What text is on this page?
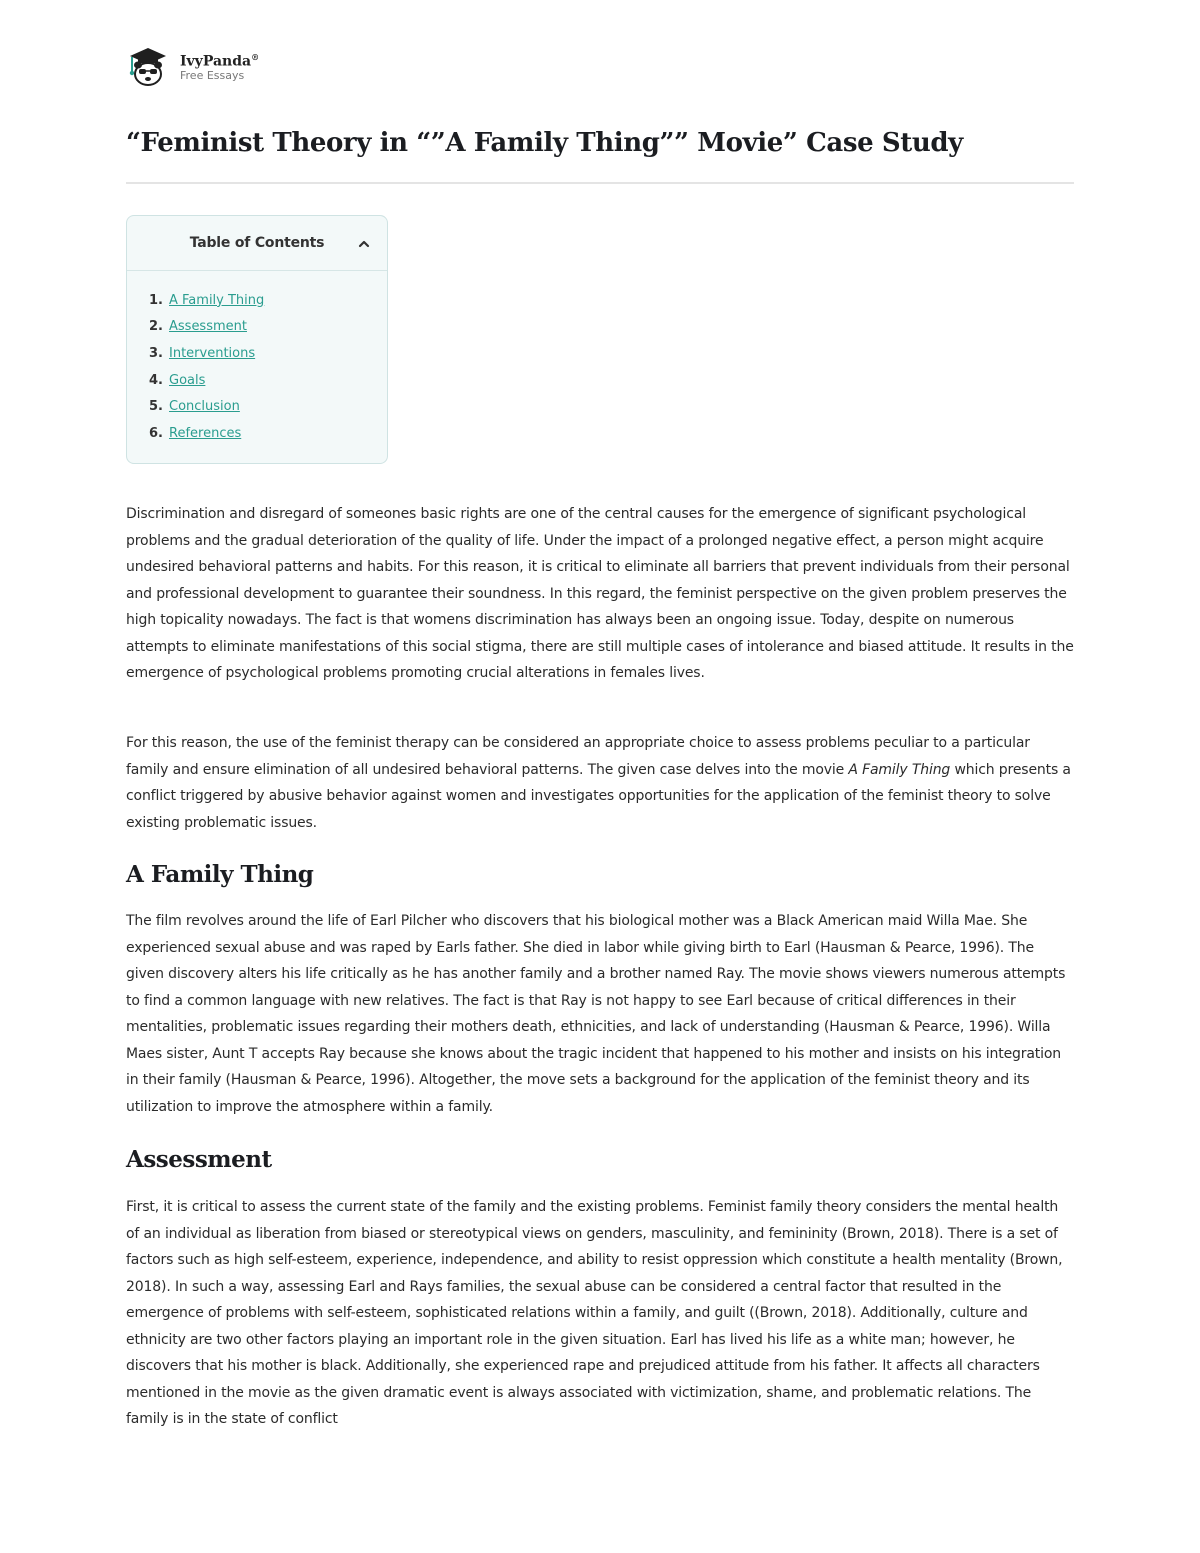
IvyPanda®
Free Essays
“Feminist Theory in “”A Family Thing”” Movie” Case Study
Table of Contents
1. A Family Thing
2. Assessment
3. Interventions
4. Goals
5. Conclusion
6. References

Discrimination and disregard of someones basic rights are one of the central causes for the emergence of significant psychological problems and the gradual deterioration of the quality of life. Under the impact of a prolonged negative effect, a person might acquire undesired behavioral patterns and habits. For this reason, it is critical to eliminate all barriers that prevent individuals from their personal and professional development to guarantee their soundness. In this regard, the feminist perspective on the given problem preserves the high topicality nowadays. The fact is that womens discrimination has always been an ongoing issue. Today, despite on numerous attempts to eliminate manifestations of this social stigma, there are still multiple cases of intolerance and biased attitude. It results in the emergence of psychological problems promoting crucial alterations in females lives.

For this reason, the use of the feminist therapy can be considered an appropriate choice to assess problems peculiar to a particular family and ensure elimination of all undesired behavioral patterns. The given case delves into the movie A Family Thing which presents a conflict triggered by abusive behavior against women and investigates opportunities for the application of the feminist theory to solve existing problematic issues.

A Family Thing

The film revolves around the life of Earl Pilcher who discovers that his biological mother was a Black American maid Willa Mae. She experienced sexual abuse and was raped by Earls father. She died in labor while giving birth to Earl (Hausman & Pearce, 1996). The given discovery alters his life critically as he has another family and a brother named Ray. The movie shows viewers numerous attempts to find a common language with new relatives. The fact is that Ray is not happy to see Earl because of critical differences in their mentalities, problematic issues regarding their mothers death, ethnicities, and lack of understanding (Hausman & Pearce, 1996). Willa Maes sister, Aunt T accepts Ray because she knows about the tragic incident that happened to his mother and insists on his integration in their family (Hausman & Pearce, 1996). Altogether, the move sets a background for the application of the feminist theory and its utilization to improve the atmosphere within a family.

Assessment

First, it is critical to assess the current state of the family and the existing problems. Feminist family theory considers the mental health of an individual as liberation from biased or stereotypical views on genders, masculinity, and femininity (Brown, 2018). There is a set of factors such as high self-esteem, experience, independence, and ability to resist oppression which constitute a health mentality (Brown, 2018). In such a way, assessing Earl and Rays families, the sexual abuse can be considered a central factor that resulted in the emergence of problems with self-esteem, sophisticated relations within a family, and guilt ((Brown, 2018). Additionally, culture and ethnicity are two other factors playing an important role in the given situation. Earl has lived his life as a white man; however, he discovers that his mother is black. Additionally, she experienced rape and prejudiced attitude from his father. It affects all characters mentioned in the movie as the given dramatic event is always associated with victimization, shame, and problematic relations. The family is in the state of conflict
